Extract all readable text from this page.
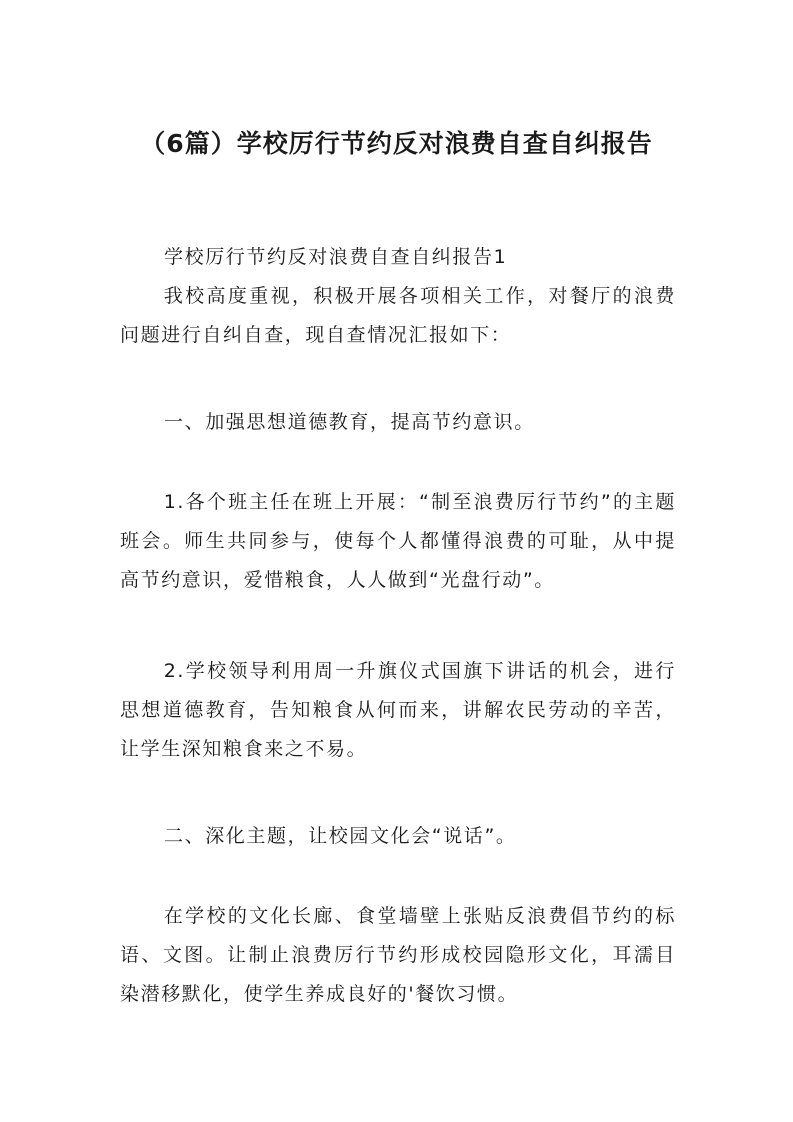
（6篇）学校厉行节约反对浪费自查自纠报告
学校厉行节约反对浪费自查自纠报告1

我校高度重视，积极开展各项相关工作，对餐厅的浪费问题进行自纠自查，现自查情况汇报如下：

一、加强思想道德教育，提高节约意识。

1.各个班主任在班上开展：“制至浪费厉行节约”的主题班会。师生共同参与，使每个人都懂得浪费的可耻，从中提高节约意识，爱惜粮食，人人做到“光盘行动”。

2.学校领导利用周一升旗仪式国旗下讲话的机会，进行思想道德教育，告知粮食从何而来，讲解农民劳动的辛苦，让学生深知粮食来之不易。

二、深化主题，让校园文化会“说话”。

在学校的文化长廊、食堂墙壁上张贴反浪费倡节约的标语、文图。让制止浪费厉行节约形成校园隐形文化，耳濡目染潜移默化，使学生养成良好的'餐饮习惯。
